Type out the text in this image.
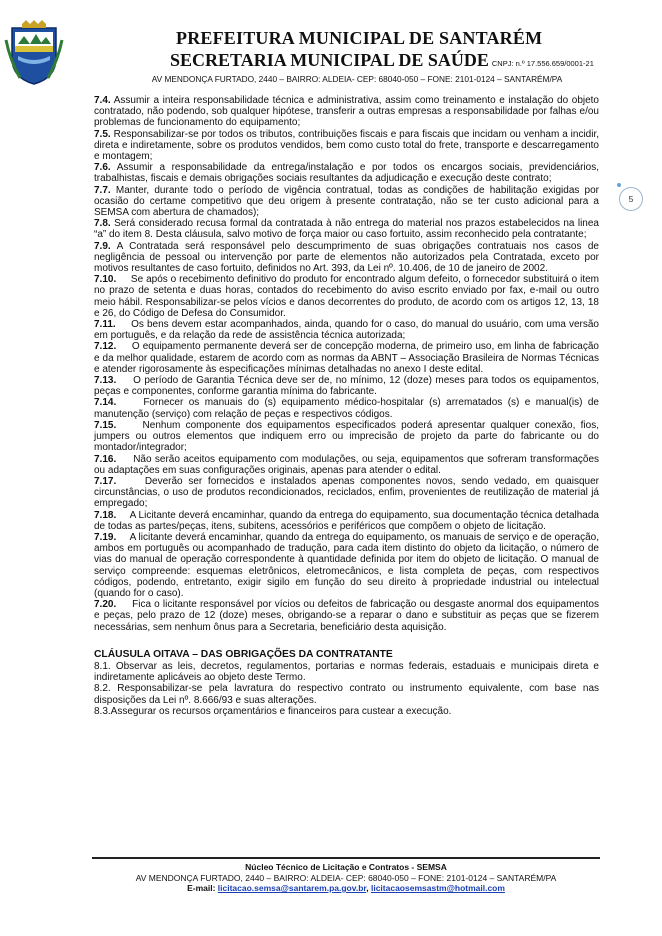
PREFEITURA MUNICIPAL DE SANTARÉM
SECRETARIA MUNICIPAL DE SAÚDE CNPJ: n.º 17.556.659/0001-21
AV MENDONÇA FURTADO, 2440 – BAIRRO: ALDEIA- CEP: 68040-050 – FONE: 2101-0124 – SANTARÉM/PA
5

7.4. Assumir a inteira responsabilidade técnica e administrativa, assim como treinamento e instalação do objeto contratado, não podendo, sob qualquer hipótese, transferir a outras empresas a responsabilidade por falhas e/ou problemas de funcionamento do equipamento;

7.5. Responsabilizar-se por todos os tributos, contribuições fiscais e para fiscais que incidam ou venham a incidir, direta e indiretamente, sobre os produtos vendidos, bem como custo total do frete, transporte e descarregamento e montagem;

7.6. Assumir a responsabilidade da entrega/instalação e por todos os encargos sociais, previdenciários, trabalhistas, fiscais e demais obrigações sociais resultantes da adjudicação e execução deste contrato;

7.7. Manter, durante todo o período de vigência contratual, todas as condições de habilitação exigidas por ocasião do certame competitivo que deu origem à presente contratação, não se ter custo adicional para a SEMSA com abertura de chamados);

7.8. Será considerado recusa formal da contratada à não entrega do material nos prazos estabelecidos na linea “a” do item 8. Desta cláusula, salvo motivo de força maior ou caso fortuito, assim reconhecido pela contratante;

7.9. A Contratada será responsável pelo descumprimento de suas obrigações contratuais nos casos de negligência de pessoal ou intervenção por parte de elementos não autorizados pela Contratada, exceto por motivos resultantes de caso fortuito, definidos no Art. 393, da Lei nº. 10.406, de 10 de janeiro de 2002.

7.10. Se após o recebimento definitivo do produto for encontrado algum defeito, o fornecedor substituirá o item no prazo de setenta e duas horas, contados do recebimento do aviso escrito enviado por fax, e-mail ou outro meio hábil. Responsabilizar-se pelos vícios e danos decorrentes do produto, de acordo com os artigos 12, 13, 18 e 26, do Código de Defesa do Consumidor.

7.11. Os bens devem estar acompanhados, ainda, quando for o caso, do manual do usuário, com uma versão em português, e da relação da rede de assistência técnica autorizada;

7.12. O equipamento permanente deverá ser de concepção moderna, de primeiro uso, em linha de fabricação e da melhor qualidade, estarem de acordo com as normas da ABNT – Associação Brasileira de Normas Técnicas e atender rigorosamente às especificações mínimas detalhadas no anexo I deste edital.

7.13. O período de Garantia Técnica deve ser de, no mínimo, 12 (doze) meses para todos os equipamentos, peças e componentes, conforme garantia mínima do fabricante.

7.14.	Fornecer os manuais do (s) equipamento médico-hospitalar (s) arrematados (s) e manual(is) de manutenção (serviço) com relação de peças e respectivos códigos.

7.15.	Nenhum componente dos equipamentos especificados poderá apresentar qualquer conexão, fios, jumpers ou outros elementos que indiquem erro ou imprecisão de projeto da parte do fabricante ou do montador/integrador;

7.16. Não serão aceitos equipamento com modulações, ou seja, equipamentos que sofreram transformações ou adaptações em suas configurações originais, apenas para atender o edital.

7.17.	Deverão ser fornecidos e instalados apenas componentes novos, sendo vedado, em quaisquer circunstâncias, o uso de produtos recondicionados, reciclados, enfim, provenientes de reutilização de material já empregado;

7.18. A Licitante deverá encaminhar, quando da entrega do equipamento, sua documentação técnica detalhada de todas as partes/peças, itens, subitens, acessórios e periféricos que compõem o objeto de licitação.

7.19. A licitante deverá encaminhar, quando da entrega do equipamento, os manuais de serviço e de operação, ambos em português ou acompanhado de tradução, para cada item distinto do objeto da licitação, o número de vias do manual de operação correspondente à quantidade definida por item do objeto de licitação. O manual de serviço compreende: esquemas eletrônicos, eletromecânicos, e lista completa de peças, com respectivos códigos, podendo, entretanto, exigir sigilo em função do seu direito à propriedade industrial ou intelectual (quando for o caso).

7.20. Fica o licitante responsável por vícios ou defeitos de fabricação ou desgaste anormal dos equipamentos e peças, pelo prazo de 12 (doze) meses, obrigando-se a reparar o dano e substituir as peças que se fizerem necessárias, sem nenhum ônus para a Secretaria, beneficiário desta aquisição.

CLÁUSULA OITAVA – DAS OBRIGAÇÕES DA CONTRATANTE

8.1. Observar as leis, decretos, regulamentos, portarias e normas federais, estaduais e municipais direta e indiretamente aplicáveis ao objeto deste Termo.

8.2. Responsabilizar-se pela lavratura do respectivo contrato ou instrumento equivalente, com base nas disposições da Lei nº. 8.666/93 e suas alterações.

8.3.Assegurar os recursos orçamentários e financeiros para custear a execução.

Núcleo Técnico de Licitação e Contratos - SEMSA
AV MENDONÇA FURTADO, 2440 – BAIRRO: ALDEIA- CEP: 68040-050 – FONE: 2101-0124 – SANTARÉM/PA
E-mail: licitacao.semsa@santarem.pa.gov.br, licitacaosemsastm@hotmail.com
